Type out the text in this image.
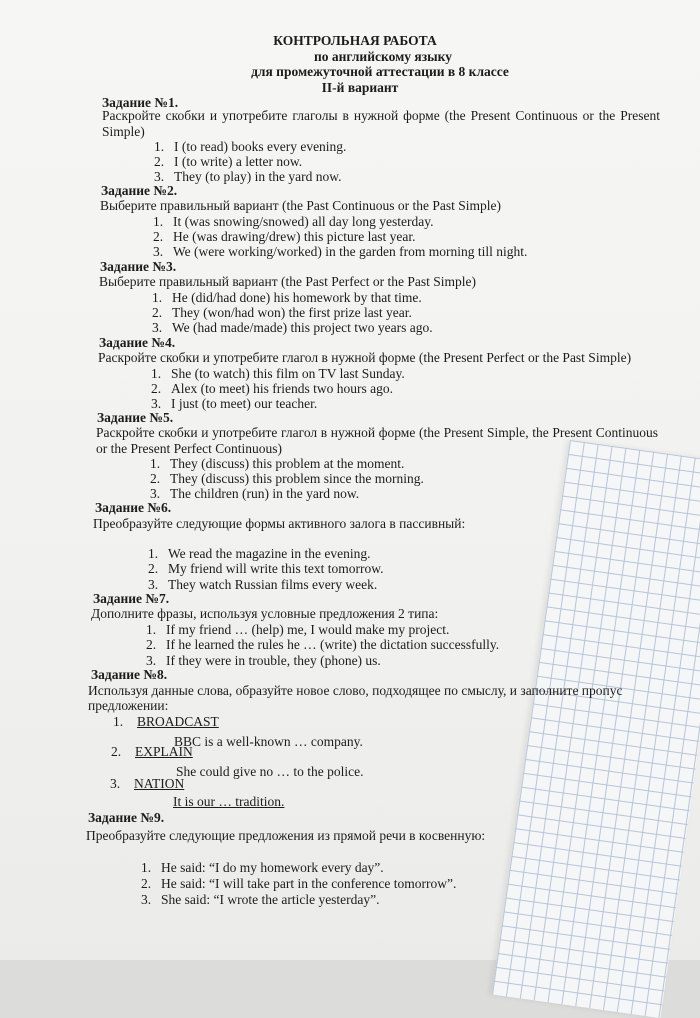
КОНТРОЛЬНАЯ РАБОТА
по английскому языку
для промежуточной аттестации в 8 классе
II-й вариант
Задание №1.
Раскройте скобки и употребите глаголы в нужной форме (the Present Continuous or the Present Simple)
1. I (to read) books every evening.
2. I (to write) a letter now.
3. They (to play) in the yard now.
Задание №2.
Выберите правильный вариант (the Past Continuous or the Past Simple)
1. It (was snowing/snowed) all day long yesterday.
2. He (was drawing/drew) this picture last year.
3. We (were working/worked) in the garden from morning till night.
Задание №3.
Выберите правильный вариант (the Past Perfect or the Past Simple)
1. He (did/had done) his homework by that time.
2. They (won/had won) the first prize last year.
3. We (had made/made) this project two years ago.
Задание №4.
Раскройте скобки и употребите глагол в нужной форме (the Present Perfect or the Past Simple)
1. She (to watch) this film on TV last Sunday.
2. Alex (to meet) his friends two hours ago.
3. I just (to meet) our teacher.
Задание №5.
Раскройте скобки и употребите глагол в нужной форме (the Present Simple, the Present Continuous or the Present Perfect Continuous)
1. They (discuss) this problem at the moment.
2. They (discuss) this problem since the morning.
3. The children (run) in the yard now.
Задание №6.
Преобразуйте следующие формы активного залога в пассивный:
1. We read the magazine in the evening.
2. My friend will write this text tomorrow.
3. They watch Russian films every week.
Задание №7.
Дополните фразы, используя условные предложения 2 типа:
1. If my friend … (help) me, I would make my project.
2. If he learned the rules he … (write) the dictation successfully.
3. If they were in trouble, they (phone) us.
Задание №8.
Используя данные слова, образуйте новое слово, подходящее по смыслу, и заполните пропус
предложении:
1. BROADCAST
BBC is a well-known … company.
2. EXPLAIN
She could give no … to the police.
3. NATION
It is our … tradition.
Задание №9.
Преобразуйте следующие предложения из прямой речи в косвенную:
1. He said: “I do my homework every day”.
2. He said: “I will take part in the conference tomorrow”.
3. She said: “I wrote the article yesterday”.
